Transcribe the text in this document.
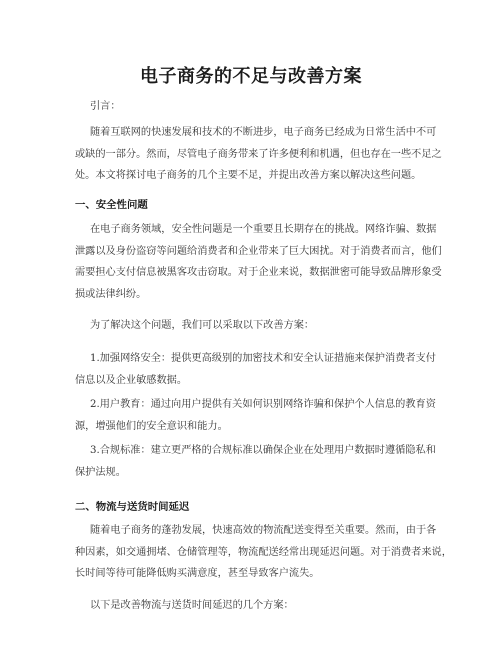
电子商务的不足与改善方案

引言：

随着互联网的快速发展和技术的不断进步，电子商务已经成为日常生活中不可
或缺的一部分。然而，尽管电子商务带来了许多便利和机遇，但也存在一些不足之
处。本文将探讨电子商务的几个主要不足，并提出改善方案以解决这些问题。

一、安全性问题

在电子商务领域，安全性问题是一个重要且长期存在的挑战。网络诈骗、数据
泄露以及身份盗窃等问题给消费者和企业带来了巨大困扰。对于消费者而言，他们
需要担心支付信息被黑客攻击窃取。对于企业来说，数据泄密可能导致品牌形象受
损或法律纠纷。

为了解决这个问题，我们可以采取以下改善方案：

1.加强网络安全：提供更高级别的加密技术和安全认证措施来保护消费者支付
信息以及企业敏感数据。
2.用户教育：通过向用户提供有关如何识别网络诈骗和保护个人信息的教育资
源，增强他们的安全意识和能力。
3.合规标准：建立更严格的合规标准以确保企业在处理用户数据时遵循隐私和
保护法规。

二、物流与送货时间延迟

随着电子商务的蓬勃发展，快速高效的物流配送变得至关重要。然而，由于各
种因素，如交通拥堵、仓储管理等，物流配送经常出现延迟问题。对于消费者来说，
长时间等待可能降低购买满意度，甚至导致客户流失。

以下是改善物流与送货时间延迟的几个方案：
